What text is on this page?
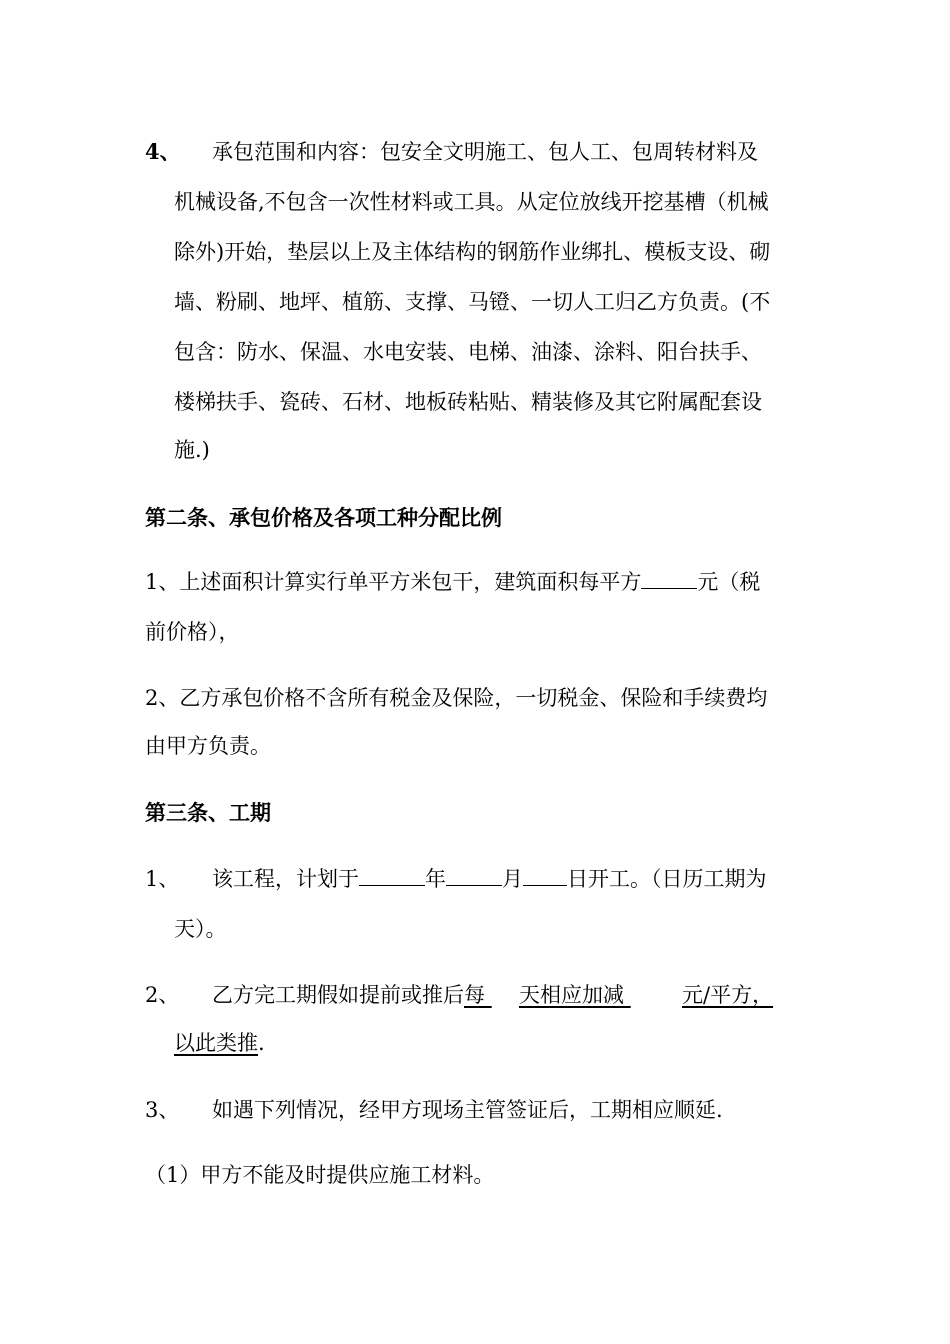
4、 承包范围和内容：包安全文明施工、包人工、包周转材料及
机械设备,不包含一次性材料或工具。从定位放线开挖基槽（机械
除外)开始，垫层以上及主体结构的钢筋作业绑扎、模板支设、砌
墙、粉刷、地坪、植筋、支撑、马镫、一切人工归乙方负责。(不
包含：防水、保温、水电安装、电梯、油漆、涂料、阳台扶手、
楼梯扶手、瓷砖、石材、地板砖粘贴、精装修及其它附属配套设
施.)
第二条、承包价格及各项工种分配比例
1、上述面积计算实行单平方米包干，建筑面积每平方	元（税
前价格），
2、乙方承包价格不含所有税金及保险，一切税金、保险和手续费均
由甲方负责。
第三条、工期
1、 该工程，计划于	年	月 日开工。（日历工期为
天）。
2、 乙方完工期假如提前或推后每 天相应加减	元/平方，
以此类推.
3、 如遇下列情况，经甲方现场主管签证后，工期相应顺延.
（1）甲方不能及时提供应施工材料。
